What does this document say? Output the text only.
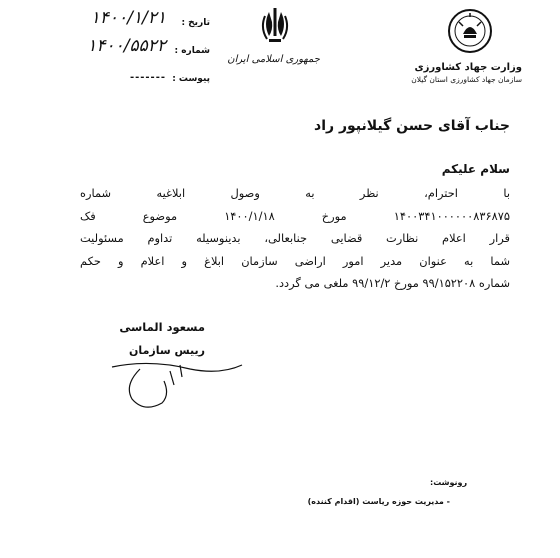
وزارت جهاد کشاورزی
سازمان جهاد کشاورزی استان گیلان
جمهوری اسلامی ایران
تاریخ :
۱۴۰۰/۱/۲۱
شماره :
۱۴۰۰/۵۵۲۲
پیوست :
-------
جناب آقای حسن گیلانپور راد
سلام علیکم
با احترام، نظر به وصول ابلاغیه شماره
۱۴۰۰۳۴۱۰۰۰۰۰۰۸۳۶۸۷۵ مورخ ۱۴۰۰/۱/۱۸ موضوع فک
قرار اعلام نظارت قضایی جنابعالی، بدینوسیله تداوم مسئولیت
شما به عنوان مدیر امور اراضی سازمان ابلاغ و اعلام و حکم
شماره ۹۹/۱۵۲۲۰۸ مورخ ۹۹/۱۲/۲ ملغی می گردد.
مسعود الماسی
رییس سازمان
رونوشت:
- مدیریت حوزه ریاست (اقدام کننده)
